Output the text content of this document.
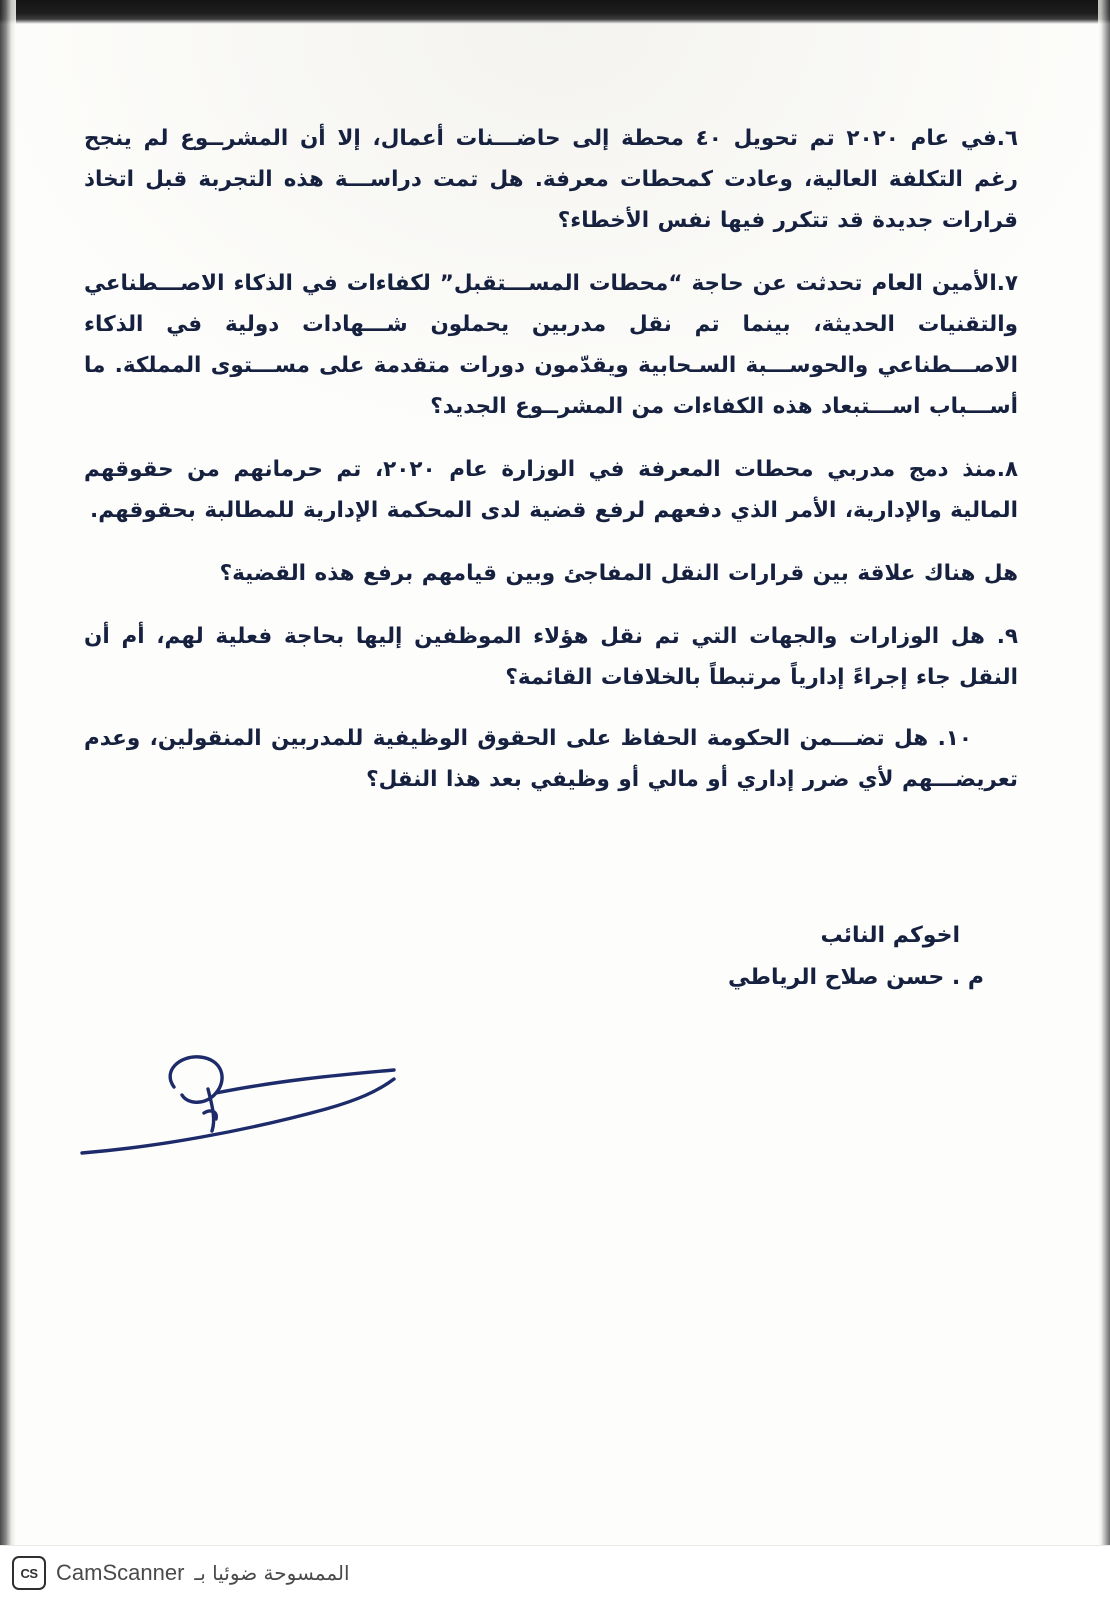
٦.في عام ٢٠٢٠ تم تحويل ٤٠ محطة إلى حاضـــنات أعمال، إلا أن المشرــوع لم ينجح رغم التكلفة العالية، وعادت كمحطات معرفة. هل تمت دراســـة هذه التجربة قبل اتخاذ قرارات جديدة قد تتكرر فيها نفس الأخطاء؟

٧.الأمين العام تحدثت عن حاجة “محطات المســـتقبل” لكفاءات في الذكاء الاصـــطناعي والتقنيات الحديثة، بينما تم نقل مدربين يحملون شـــهادات دولية في الذكاء الاصـــطناعي والحوســـبة السـحابية ويقدّمون دورات متقدمة على مســـتوى المملكة. ما أســـباب اســـتبعاد هذه الكفاءات من المشرــوع الجديد؟

٨.منذ دمج مدربي محطات المعرفة في الوزارة عام ٢٠٢٠، تم حرمانهم من حقوقهم المالية والإدارية، الأمر الذي دفعهم لرفع قضية لدى المحكمة الإدارية للمطالبة بحقوقهم.

هل هناك علاقة بين قرارات النقل المفاجئ وبين قيامهم برفع هذه القضية؟

٩. هل الوزارات والجهات التي تم نقل هؤلاء الموظفين إليها بحاجة فعلية لهم، أم أن النقل جاء إجراءً إدارياً مرتبطاً بالخلافات القائمة؟

١٠. هل تضـــمن الحكومة الحفاظ على الحقوق الوظيفية للمدربين المنقولين، وعدم تعريضـــهم لأي ضرر إداري أو مالي أو وظيفي بعد هذا النقل؟

اخوكم النائب
م . حسن صلاح الرياطي
CS CamScanner الممسوحة ضوئيا بـ
